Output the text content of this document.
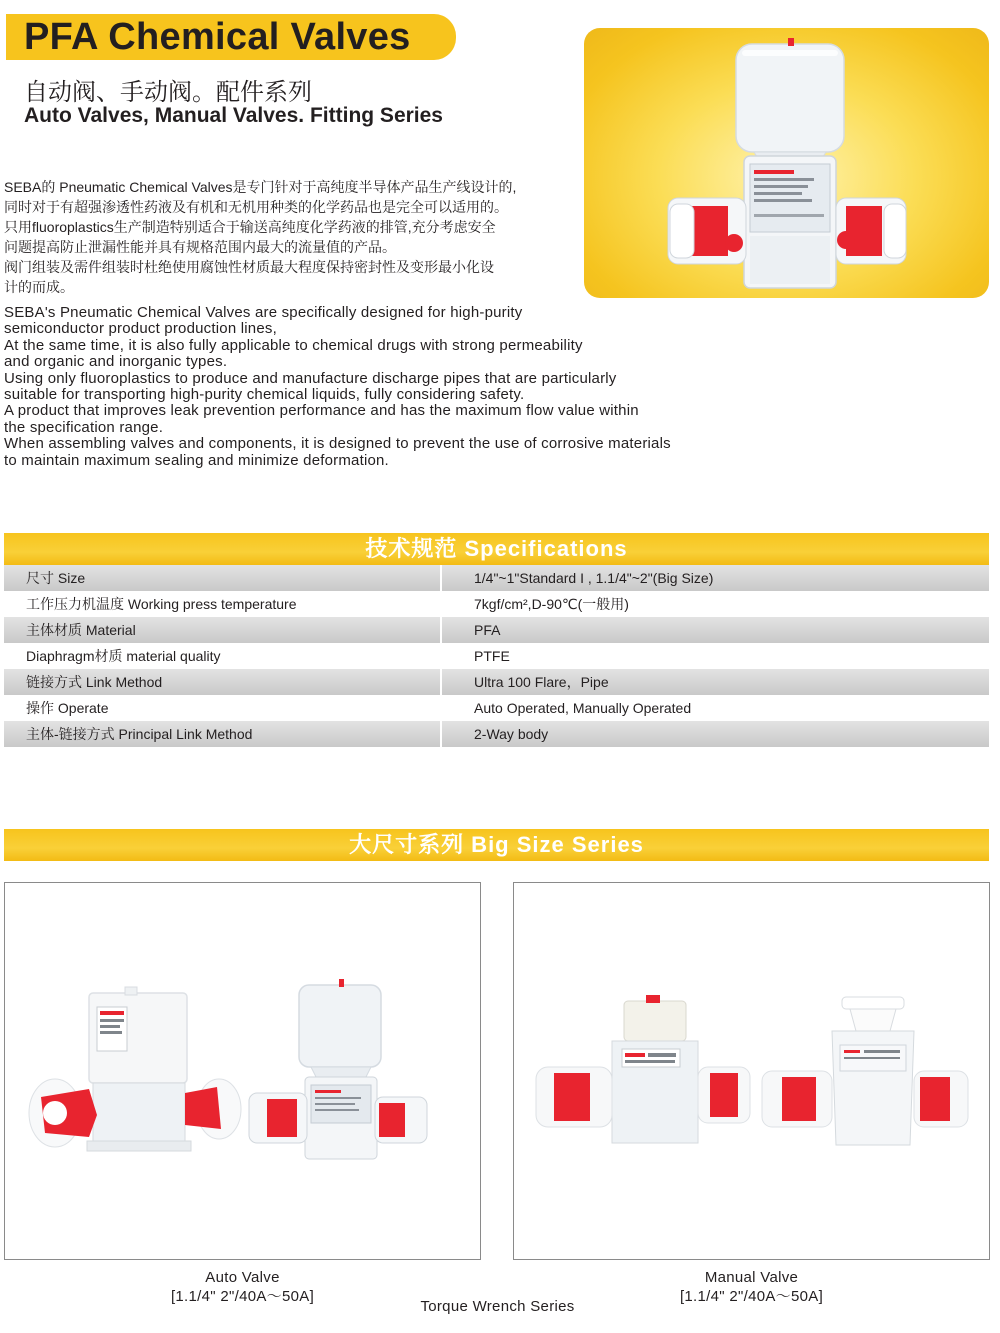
PFA Chemical Valves
自动阀、手动阀。配件系列
Auto Valves, Manual Valves. Fitting Series
SEBA的 Pneumatic Chemical Valves是专门针对于高纯度半导体产品生产线设计的,
同时对于有超强渗透性药液及有机和无机用种类的化学药品也是完全可以适用的。
只用fluoroplastics生产制造特别适合于输送高纯度化学药液的排管,充分考虑安全
问题提高防止泄漏性能并具有规格范围内最大的流量值的产品。
阀门组装及需件组装时杜绝使用腐蚀性材质最大程度保持密封性及变形最小化设
计的而成。
SEBA's Pneumatic Chemical Valves are specifically designed for high-purity
semiconductor product production lines,
At the same time, it is also fully applicable to chemical drugs with strong permeability
and organic and inorganic types.
Using only fluoroplastics to produce and manufacture discharge pipes that are particularly
suitable for transporting high-purity chemical liquids, fully considering safety.
A product that improves leak prevention performance and has the maximum flow value within
the specification range.
When assembling valves and components, it is designed to prevent the use of corrosive materials
to maintain maximum sealing and minimize deformation.
技术规范 Specifications
尺寸 Size	1/4"~1"Standard I , 1.1/4"~2"(Big Size)
工作压力机温度 Working press temperature	7kgf/cm²,D-90℃(一般用)
主体材质 Material	PFA
Diaphragm材质 material quality	PTFE
链接方式 Link Method	Ultra 100 Flare，Pipe
操作 Operate	Auto Operated, Manually Operated
主体-链接方式 Principal Link Method	2-Way body
大尺寸系列 Big Size Series
Auto Valve
[1.1/4" 2"/40A～50A]
Manual Valve
[1.1/4" 2"/40A～50A]
Torque Wrench Series
